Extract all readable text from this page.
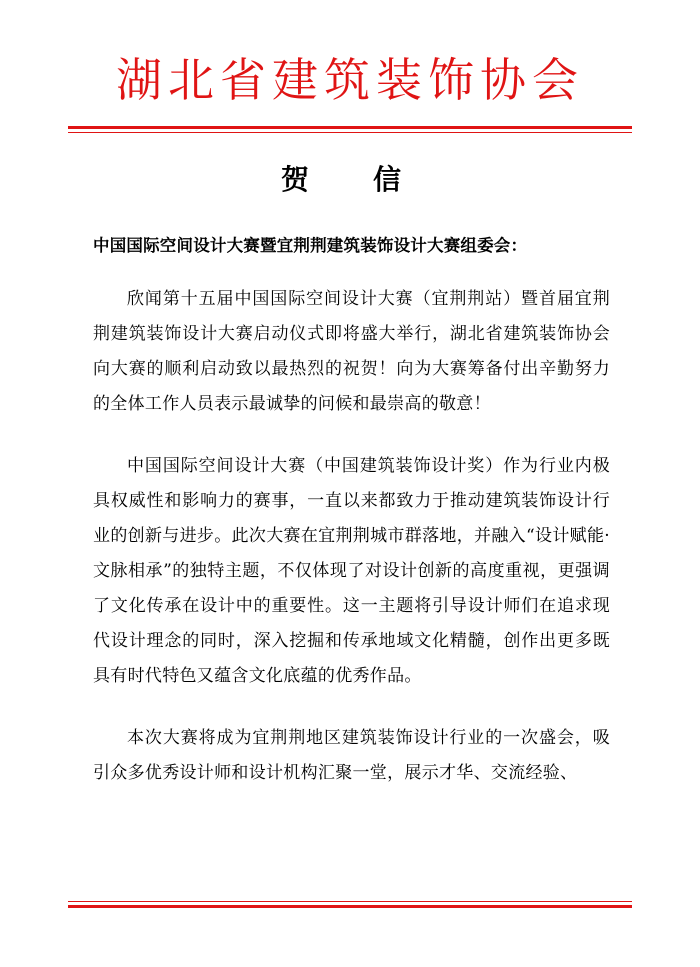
湖北省建筑装饰协会
贺　信
中国国际空间设计大赛暨宜荆荆建筑装饰设计大赛组委会：

欣闻第十五届中国国际空间设计大赛（宜荆荆站）暨首届宜荆荆建筑装饰设计大赛启动仪式即将盛大举行，湖北省建筑装饰协会向大赛的顺利启动致以最热烈的祝贺！向为大赛筹备付出辛勤努力的全体工作人员表示最诚挚的问候和最崇高的敬意！

中国国际空间设计大赛（中国建筑装饰设计奖）作为行业内极具权威性和影响力的赛事，一直以来都致力于推动建筑装饰设计行业的创新与进步。此次大赛在宜荆荆城市群落地，并融入“设计赋能·文脉相承”的独特主题，不仅体现了对设计创新的高度重视，更强调了文化传承在设计中的重要性。这一主题将引导设计师们在追求现代设计理念的同时，深入挖掘和传承地域文化精髓，创作出更多既具有时代特色又蕴含文化底蕴的优秀作品。

本次大赛将成为宜荆荆地区建筑装饰设计行业的一次盛会，吸引众多优秀设计师和设计机构汇聚一堂，展示才华、交流经验、
